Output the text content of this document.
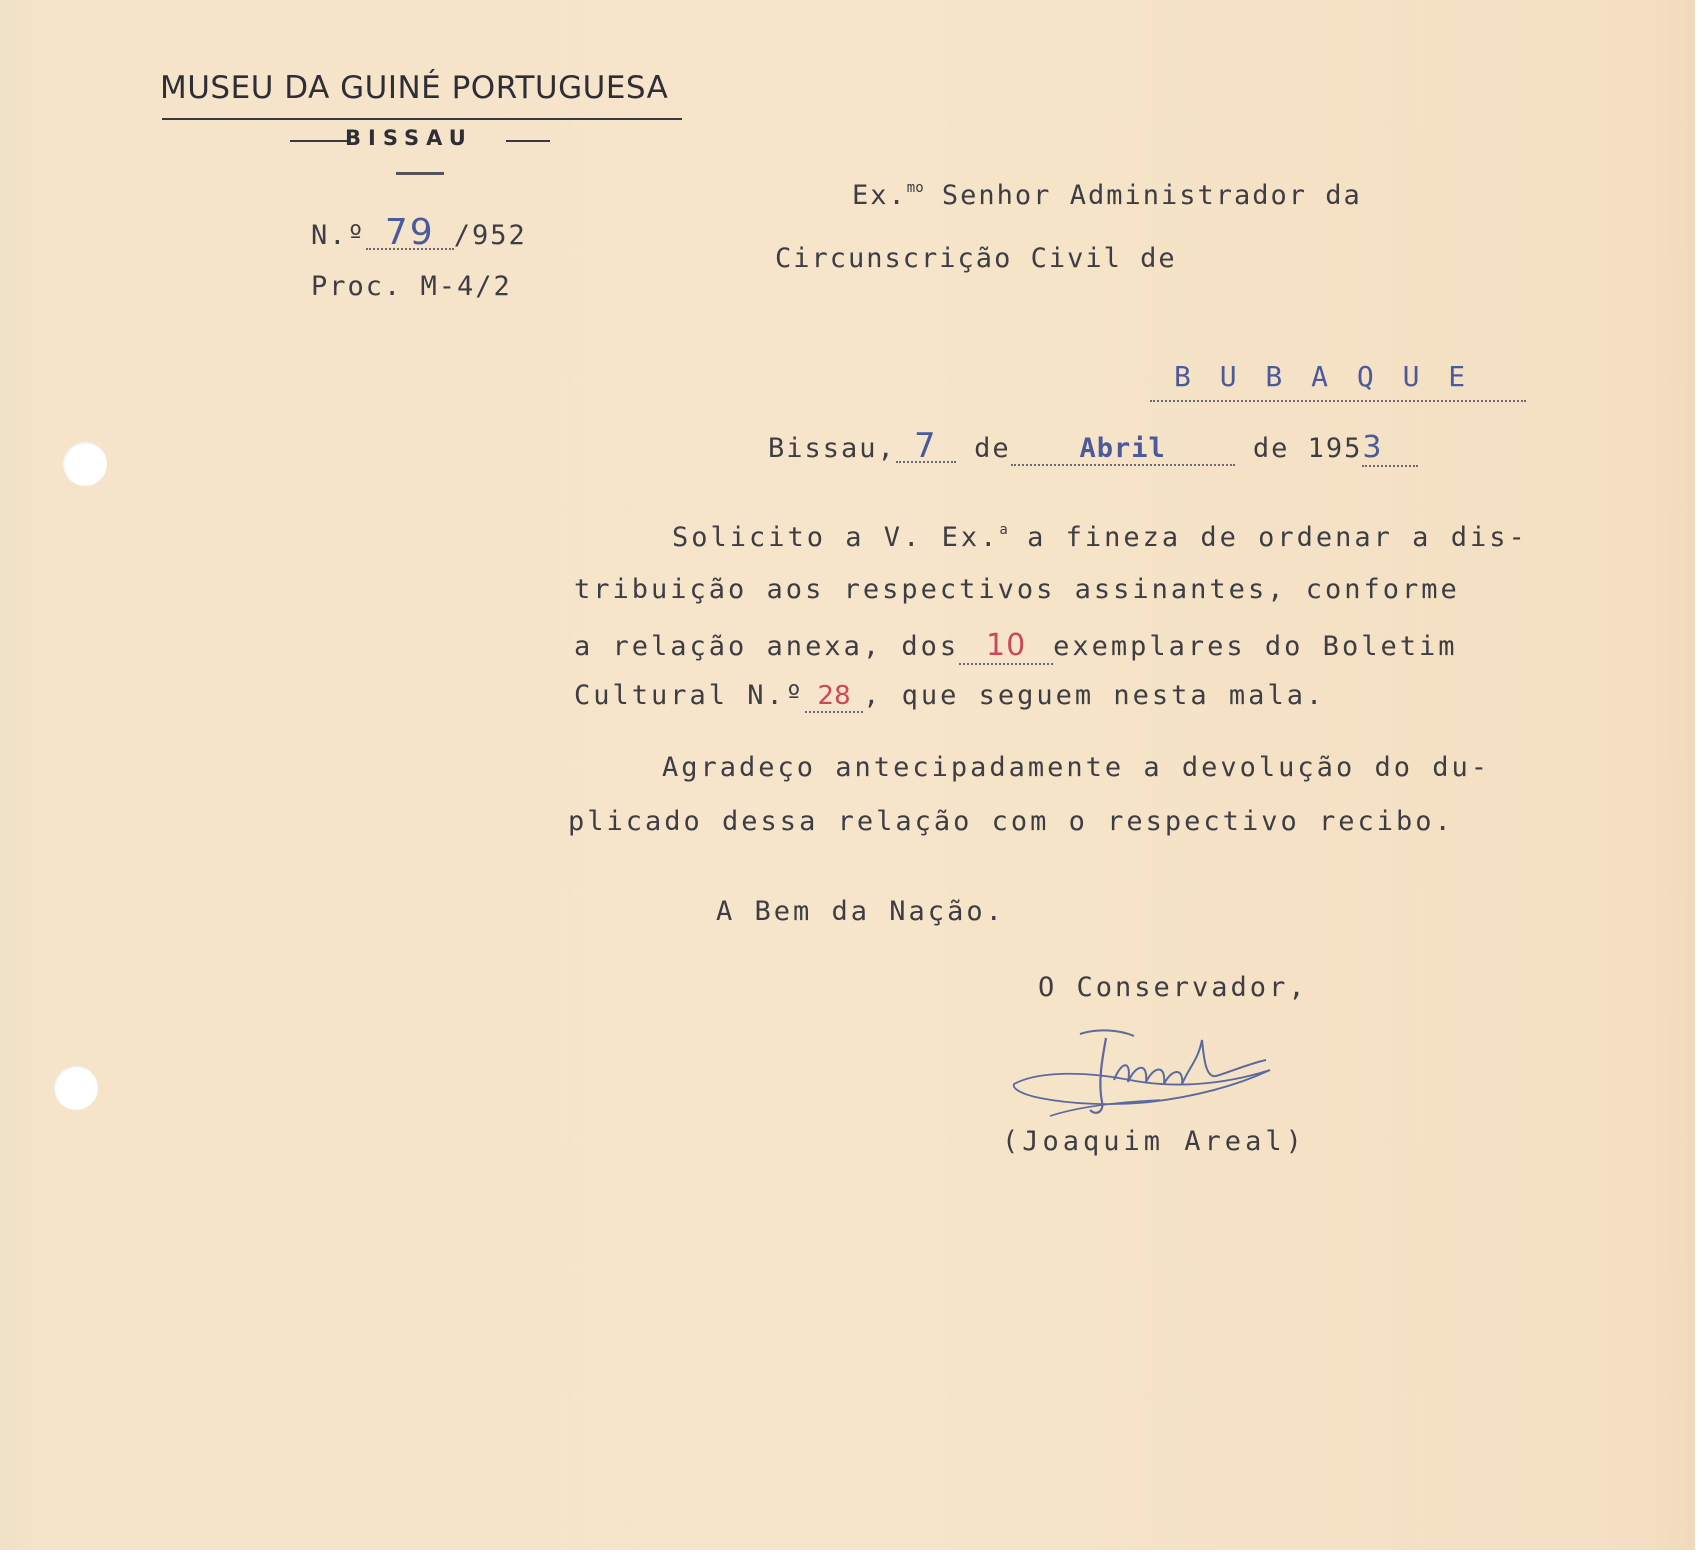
MUSEU DA GUINÉ PORTUGUESA
BISSAU
N.º 79 /952
Proc. M-4/2
Ex.$^{mo}$ Senhor Administrador da
Circunscrição Civil de
B U B A Q U E
Bissau, 7 de	Abril	de 1953
Solicito a V. Ex.$^a$ a fineza de ordenar a dis-
tribuição aos respectivos assinantes, conforme
a relação anexa, dos 10 exemplares do Boletim
Cultural N.º 28 , que seguem nesta mala.
Agradeço antecipadamente a devolução do du-
plicado dessa relação com o respectivo recibo.
A Bem da Nação.
O Conservador,
(Joaquim Areal)
